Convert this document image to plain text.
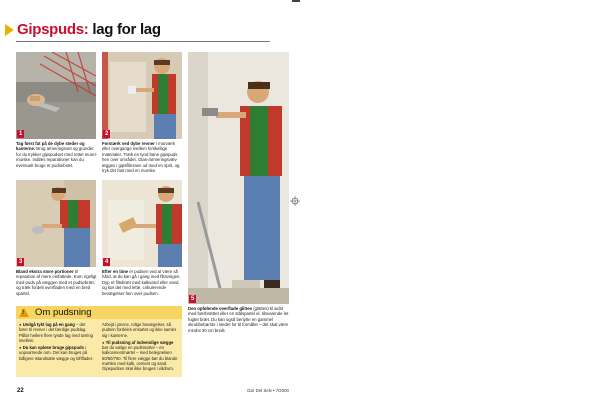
Gipspuds: lag for lag
1
Tag først fat på de dybe steder og kanterne. Brug armeringsnet og grundér, for du trykker gipspudset med rettet murermurske. Indlæs reparationer kan du eventuelt bruge et pudsebræt.
2
Forstærk ved dybe revner i murværk eller overgange mellem forskellige materialer. Træk en tynd bane gipspuds hen over området. Glas-/armeringsvæv ægges i gipsfilleraen ud med en sprit, og tryk det fast med en murske.
3
Bland ekstra store portioner til reparation af mere omfattede. Kom rigeligt med puds på væggen med et pudsebræt, og træk fordelt overfladen med en bred spartel.
4
Efter en time er pudsen ved at være så hård, at du kan gå i gang med filtsvingen. Dyp et filtsbræt med kalkvand eller vand, og kør det med lette, cirkulerende bevægelser hen over pudsen.
5
Den opfølende overflade glittes (glättes) til sidst med bærbrættet eller en stålspartel el. tilsvarende let fugtet bræt. Du kan også benytte en gammel skrubbebørste i stedet for til formålet – det skal være mindst 30 cm bredt.
! Om pudsning
● Undgå tykt lag på en gang – det fører til revner i det færdige pudslag. Påfør hellere flere tynde lag med tørring imellem.
● Du kan opløse bruge gipspuds i uopvarmede rum. Det kan bruges på tidligere istandsatte vægge og loftflader.
Arbejd i jævne, rolige bevægelser, så pudsen fordeles ensartet og ikke samler sig i kanterne.
● Til pudsning af indvendige vægge bør du vælge en pudsmørtel – en kalkcementmørtel – med betegnelsen 50/50/750. Til flere vægge bør du blande mørtlen med kalk, cement og sand. Gipspudsen skal ikke bruges i vådrum.
22	Gør Det Selv • 7/2000
